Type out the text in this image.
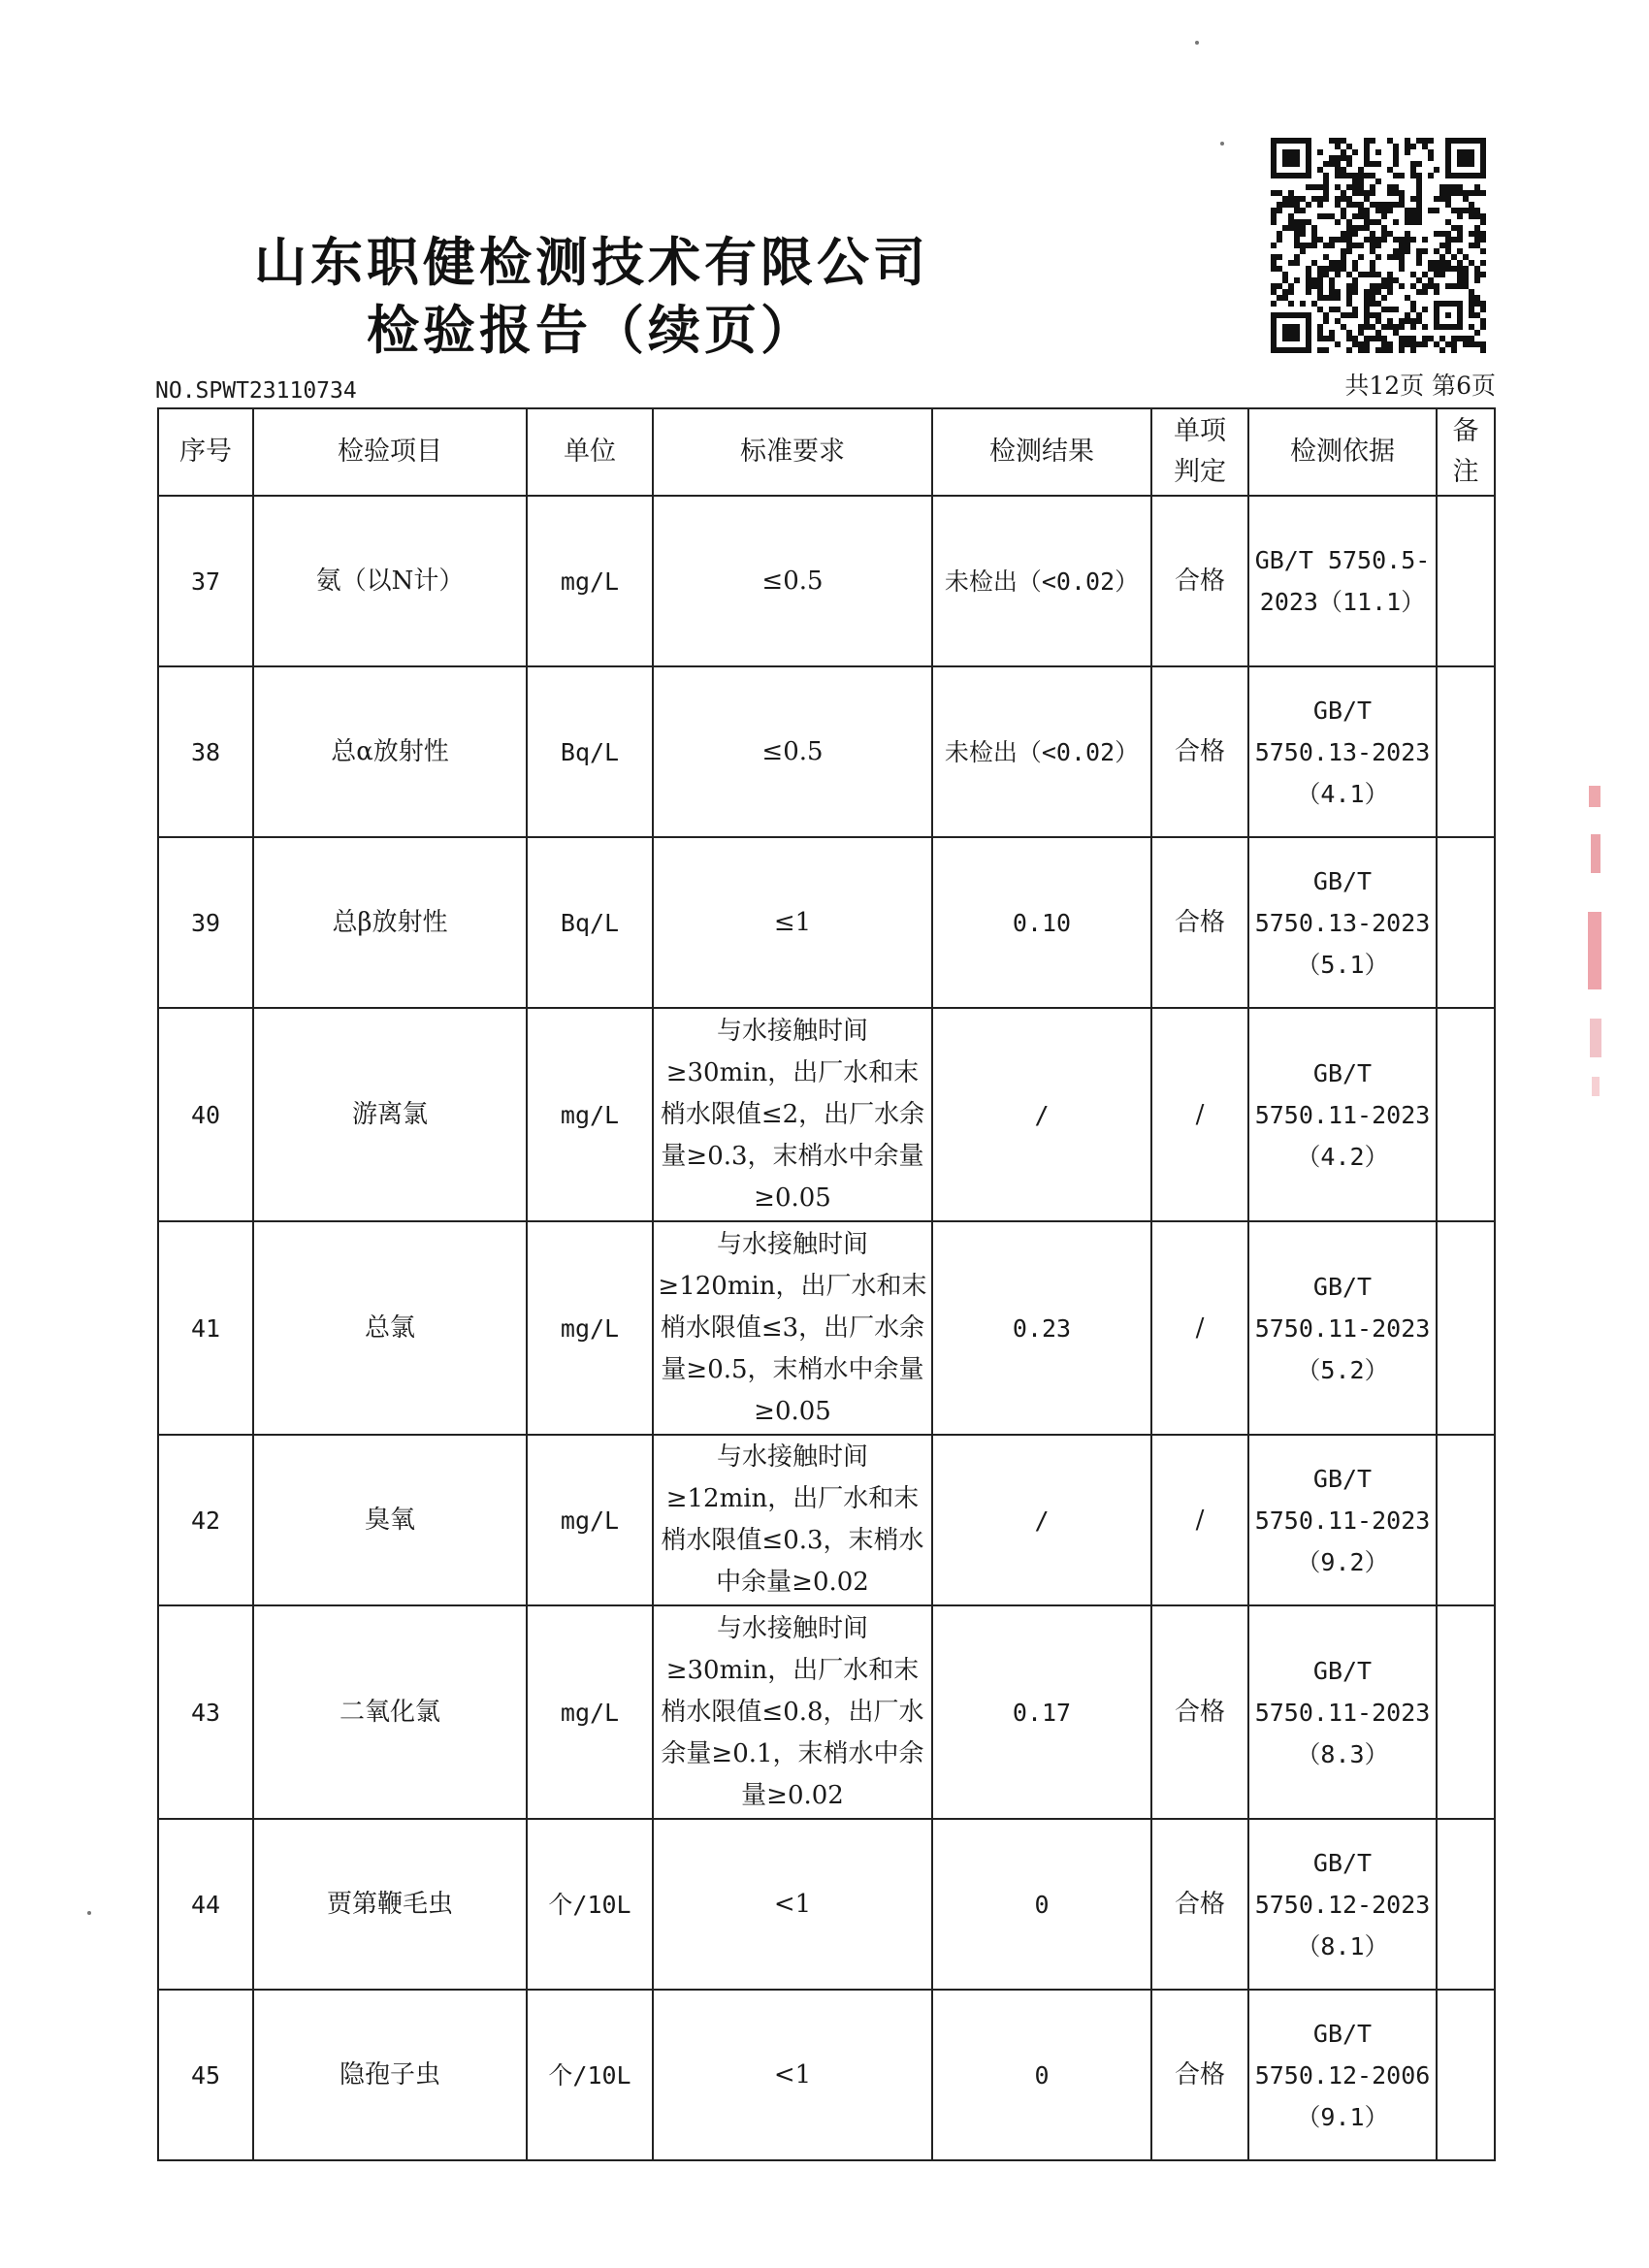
山东职健检测技术有限公司
检验报告（续页）
NO.SPWT23110734	共12页 第6页
序号	检验项目	单位	标准要求	检测结果	单项判定	检测依据	备注
37	氨（以N计）	mg/L	≤0.5	未检出（<0.02）	合格	GB/T 5750.5-2023（11.1）	
38	总α放射性	Bq/L	≤0.5	未检出（<0.02）	合格	GB/T 5750.13-2023（4.1）	
39	总β放射性	Bq/L	≤1	0.10	合格	GB/T 5750.13-2023（5.1）	
40	游离氯	mg/L	与水接触时间≥30min，出厂水和末梢水限值≤2，出厂水余量≥0.3，末梢水中余量≥0.05	/	/	GB/T 5750.11-2023（4.2）	
41	总氯	mg/L	与水接触时间≥120min，出厂水和末梢水限值≤3，出厂水余量≥0.5，末梢水中余量≥0.05	0.23	/	GB/T 5750.11-2023（5.2）	
42	臭氧	mg/L	与水接触时间≥12min，出厂水和末梢水限值≤0.3，末梢水中余量≥0.02	/	/	GB/T 5750.11-2023（9.2）	
43	二氧化氯	mg/L	与水接触时间≥30min，出厂水和末梢水限值≤0.8，出厂水余量≥0.1，末梢水中余量≥0.02	0.17	合格	GB/T 5750.11-2023（8.3）	
44	贾第鞭毛虫	个/10L	<1	0	合格	GB/T 5750.12-2023（8.1）	
45	隐孢子虫	个/10L	<1	0	合格	GB/T 5750.12-2006（9.1）	
